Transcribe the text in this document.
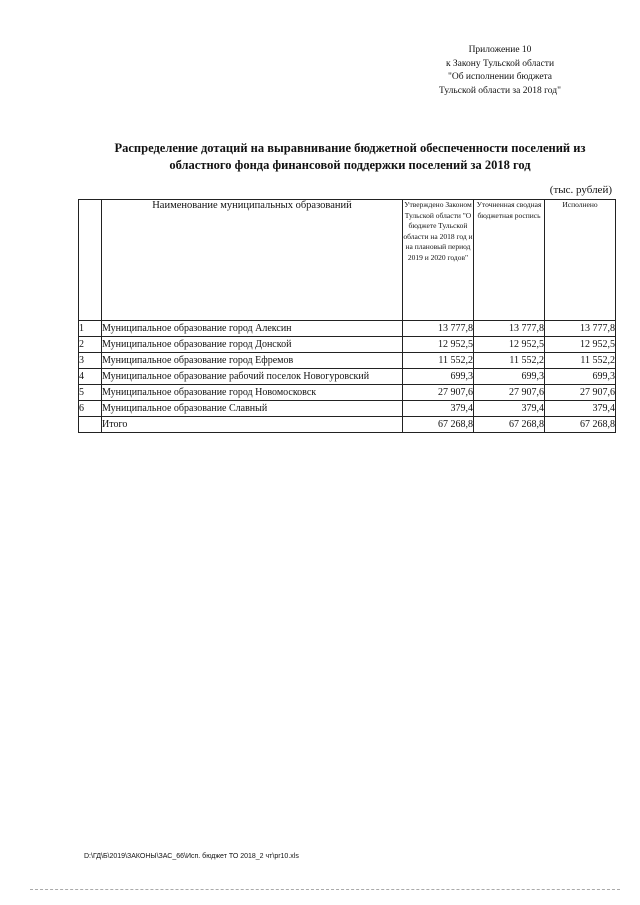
Приложение 10
к Закону Тульской области
"Об исполнении бюджета
Тульской области за 2018 год"
Распределение дотаций на выравнивание бюджетной обеспеченности поселений из
областного фонда финансовой поддержки поселений за 2018 год
(тыс. рублей)
	Наименование муниципальных образований	Утверждено Законом Тульской области "О бюджете Тульской области на 2018 год и на плановый период 2019 и 2020 годов"	Уточненная сводная бюджетная роспись	Исполнено
1	Муниципальное образование город Алексин	13 777,8	13 777,8	13 777,8
2	Муниципальное образование город Донской	12 952,5	12 952,5	12 952,5
3	Муниципальное образование город Ефремов	11 552,2	11 552,2	11 552,2
4	Муниципальное образование рабочий поселок Новогуровский	699,3	699,3	699,3
5	Муниципальное образование город Новомосковск	27 907,6	27 907,6	27 907,6
6	Муниципальное образование Славный	379,4	379,4	379,4
	Итого	67 268,8	67 268,8	67 268,8
D:\ГД\Б\2019\ЗАКОНЫ\ЗАС_66\Исп. бюджет ТО 2018_2 чт\pr10.xls
